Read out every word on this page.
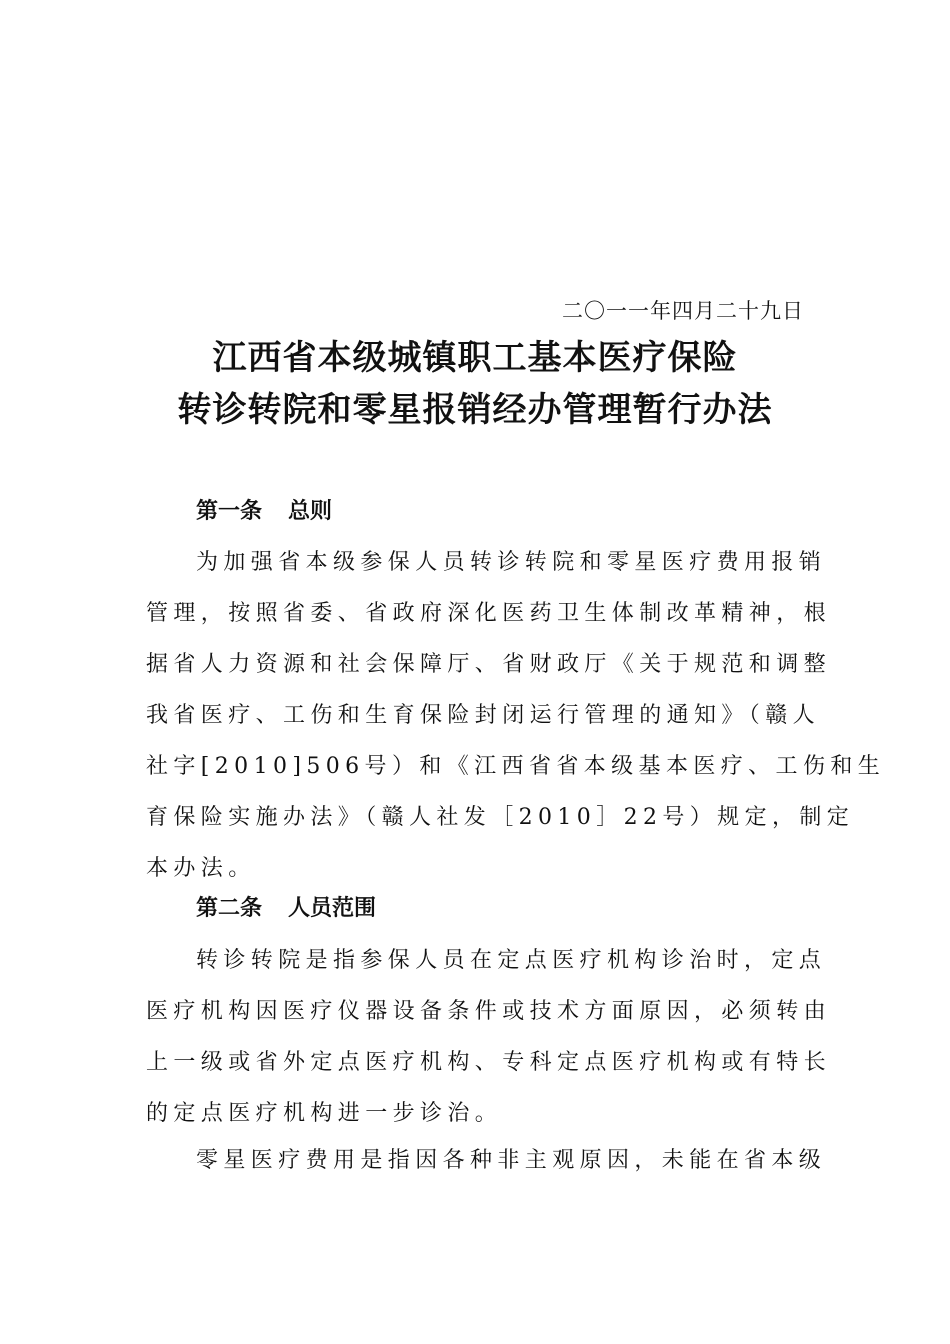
二〇一一年四月二十九日
江西省本级城镇职工基本医疗保险
转诊转院和零星报销经办管理暂行办法
第一条 总则
为加强省本级参保人员转诊转院和零星医疗费用报销
管理，按照省委、省政府深化医药卫生体制改革精神，根
据省人力资源和社会保障厅、省财政厅《关于规范和调整
我省医疗、工伤和生育保险封闭运行管理的通知》（赣人
社字[2010]506号）和《江西省省本级基本医疗、工伤和生
育保险实施办法》（赣人社发［2010］22号）规定，制定
本办法。
第二条 人员范围
转诊转院是指参保人员在定点医疗机构诊治时，定点
医疗机构因医疗仪器设备条件或技术方面原因，必须转由
上一级或省外定点医疗机构、专科定点医疗机构或有特长
的定点医疗机构进一步诊治。
零星医疗费用是指因各种非主观原因，未能在省本级
